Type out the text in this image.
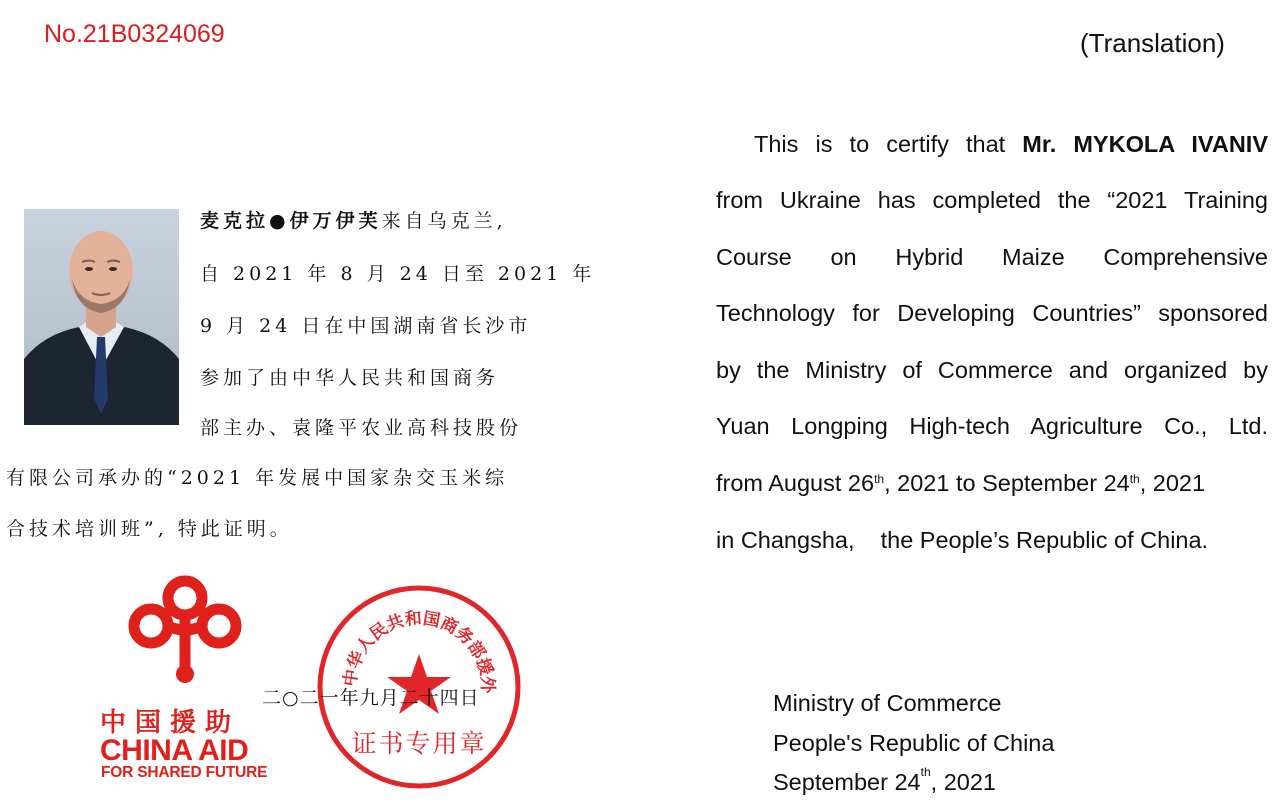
No.21B0324069	(Translation)
麦克拉●伊万伊芙来自乌克兰,
自 2021 年 8 月 24 日至 2021 年
9 月 24 日在中国湖南省长沙市
参加了由中华人民共和国商务
部主办、袁隆平农业高科技股份
有限公司承办的“2021 年发展中国家杂交玉米综
合技术培训班”, 特此证明。
This is to certify that Mr. MYKOLA IVANIV
from Ukraine has completed the “2021 Training
Course on Hybrid Maize Comprehensive
Technology for Developing Countries” sponsored
by the Ministry of Commerce and organized by
Yuan Longping High-tech Agriculture Co., Ltd.
from August 26th, 2021 to September 24th, 2021
in Changsha,    the People’s Republic of China.
Ministry of Commerce
People's Republic of China
September 24th, 2021
中国援助
CHINA AID
FOR SHARED FUTURE
中华人民共和国商务部援外
证书专用章
二○二一年九月二十四日
